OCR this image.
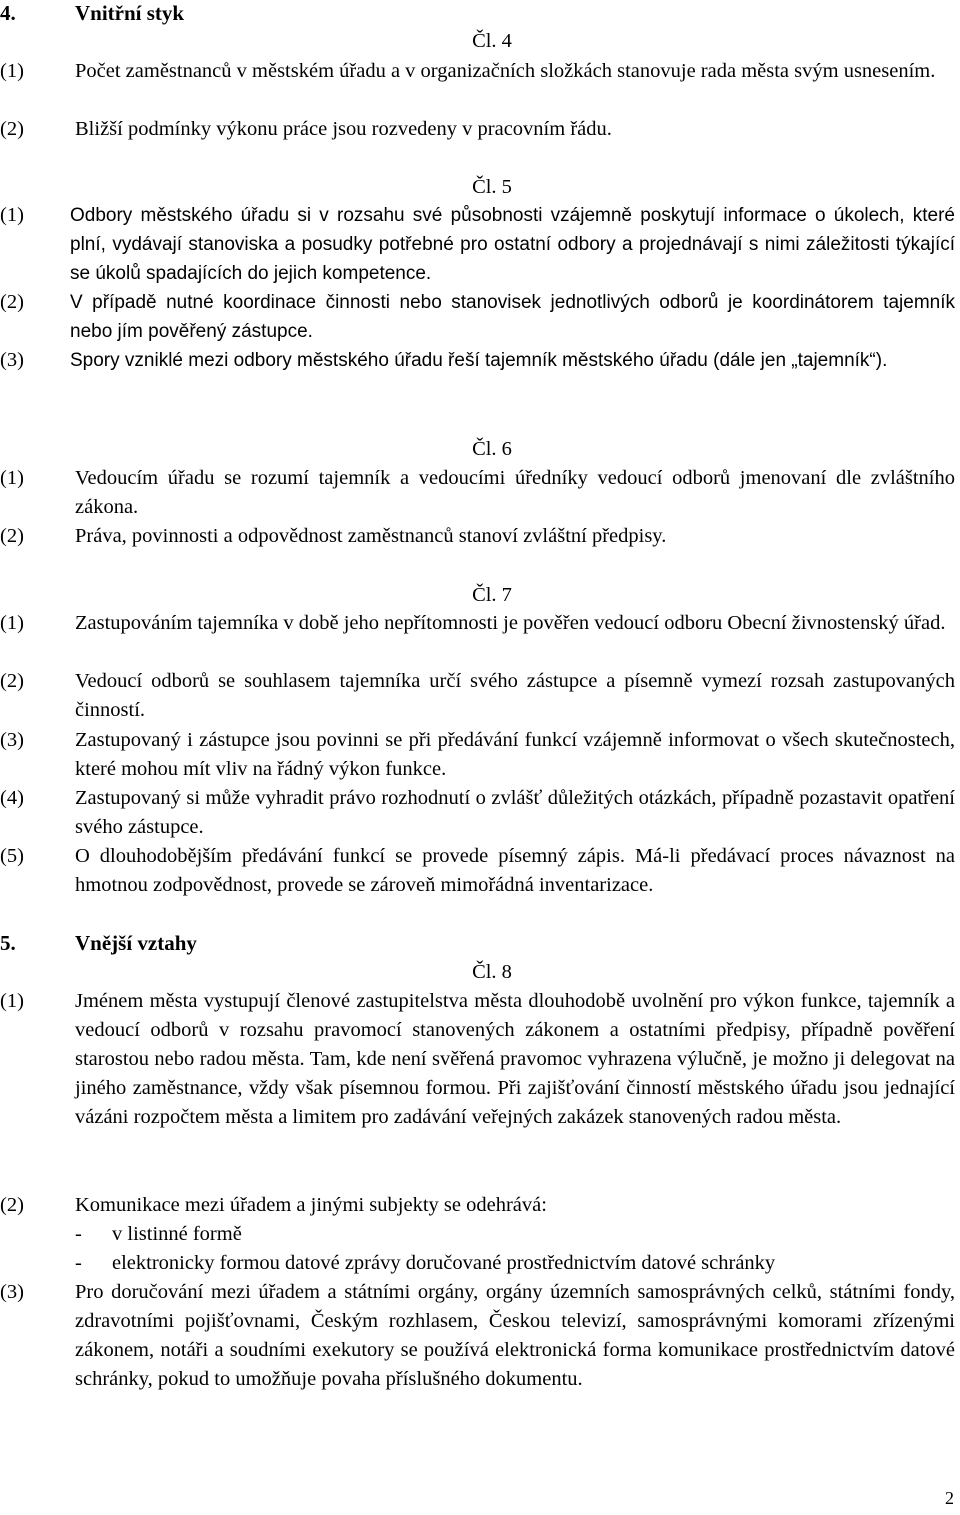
4.	Vnitřní styk
Čl. 4
(1) Počet zaměstnanců v městském úřadu a v organizačních složkách stanovuje rada města svým usnesením.
(2) Bližší podmínky výkonu práce jsou rozvedeny v pracovním řádu.
Čl. 5
(1) Odbory městského úřadu si v rozsahu své působnosti vzájemně poskytují informace o úkolech, které plní, vydávají stanoviska a posudky potřebné pro ostatní odbory a projednávají s nimi záležitosti týkající se úkolů spadajících do jejich kompetence.
(2) V případě nutné koordinace činnosti nebo stanovisek jednotlivých odborů je koordinátorem tajemník nebo jím pověřený zástupce.
(3) Spory vzniklé mezi odbory městského úřadu řeší tajemník městského úřadu (dále jen „tajemník“).
Čl. 6
(1) Vedoucím úřadu se rozumí tajemník a vedoucími úředníky vedoucí odborů jmenovaní dle zvláštního zákona.
(2) Práva, povinnosti a odpovědnost zaměstnanců stanoví zvláštní předpisy.
Čl. 7
(1) Zastupováním tajemníka v době jeho nepřítomnosti je pověřen vedoucí odboru Obecní živnostenský úřad.
(2) Vedoucí odborů se souhlasem tajemníka určí svého zástupce a písemně vymezí rozsah zastupovaných činností.
(3) Zastupovaný i zástupce jsou povinni se při předávání funkcí vzájemně informovat o všech skutečnostech, které mohou mít vliv na řádný výkon funkce.
(4) Zastupovaný si může vyhradit právo rozhodnutí o zvlášť důležitých otázkách, případně pozastavit opatření svého zástupce.
(5) O dlouhodobějším předávání funkcí se provede písemný zápis. Má-li předávací proces návaznost na hmotnou zodpovědnost, provede se zároveň mimořádná inventarizace.
5.	Vnější vztahy
Čl. 8
(1) Jménem města vystupují členové zastupitelstva města dlouhodobě uvolnění pro výkon funkce, tajemník a vedoucí odborů v rozsahu pravomocí stanovených zákonem a ostatními předpisy, případně pověření starostou nebo radou města. Tam, kde není svěřená pravomoc vyhrazena výlučně, je možno ji delegovat na jiného zaměstnance, vždy však písemnou formou. Při zajišťování činností městského úřadu jsou jednající vázáni rozpočtem města a limitem pro zadávání veřejných zakázek stanovených radou města.
(2) Komunikace mezi úřadem a jinými subjekty se odehrává:
- v listinné formě
- elektronicky formou datové zprávy doručované prostřednictvím datové schránky
(3) Pro doručování mezi úřadem a státními orgány, orgány územních samosprávných celků, státními fondy, zdravotními pojišťovnami, Českým rozhlasem, Českou televizí, samosprávnými komorami zřízenými zákonem, notáři a soudními exekutory se používá elektronická forma komunikace prostřednictvím datové schránky, pokud to umožňuje povaha příslušného dokumentu.
2
